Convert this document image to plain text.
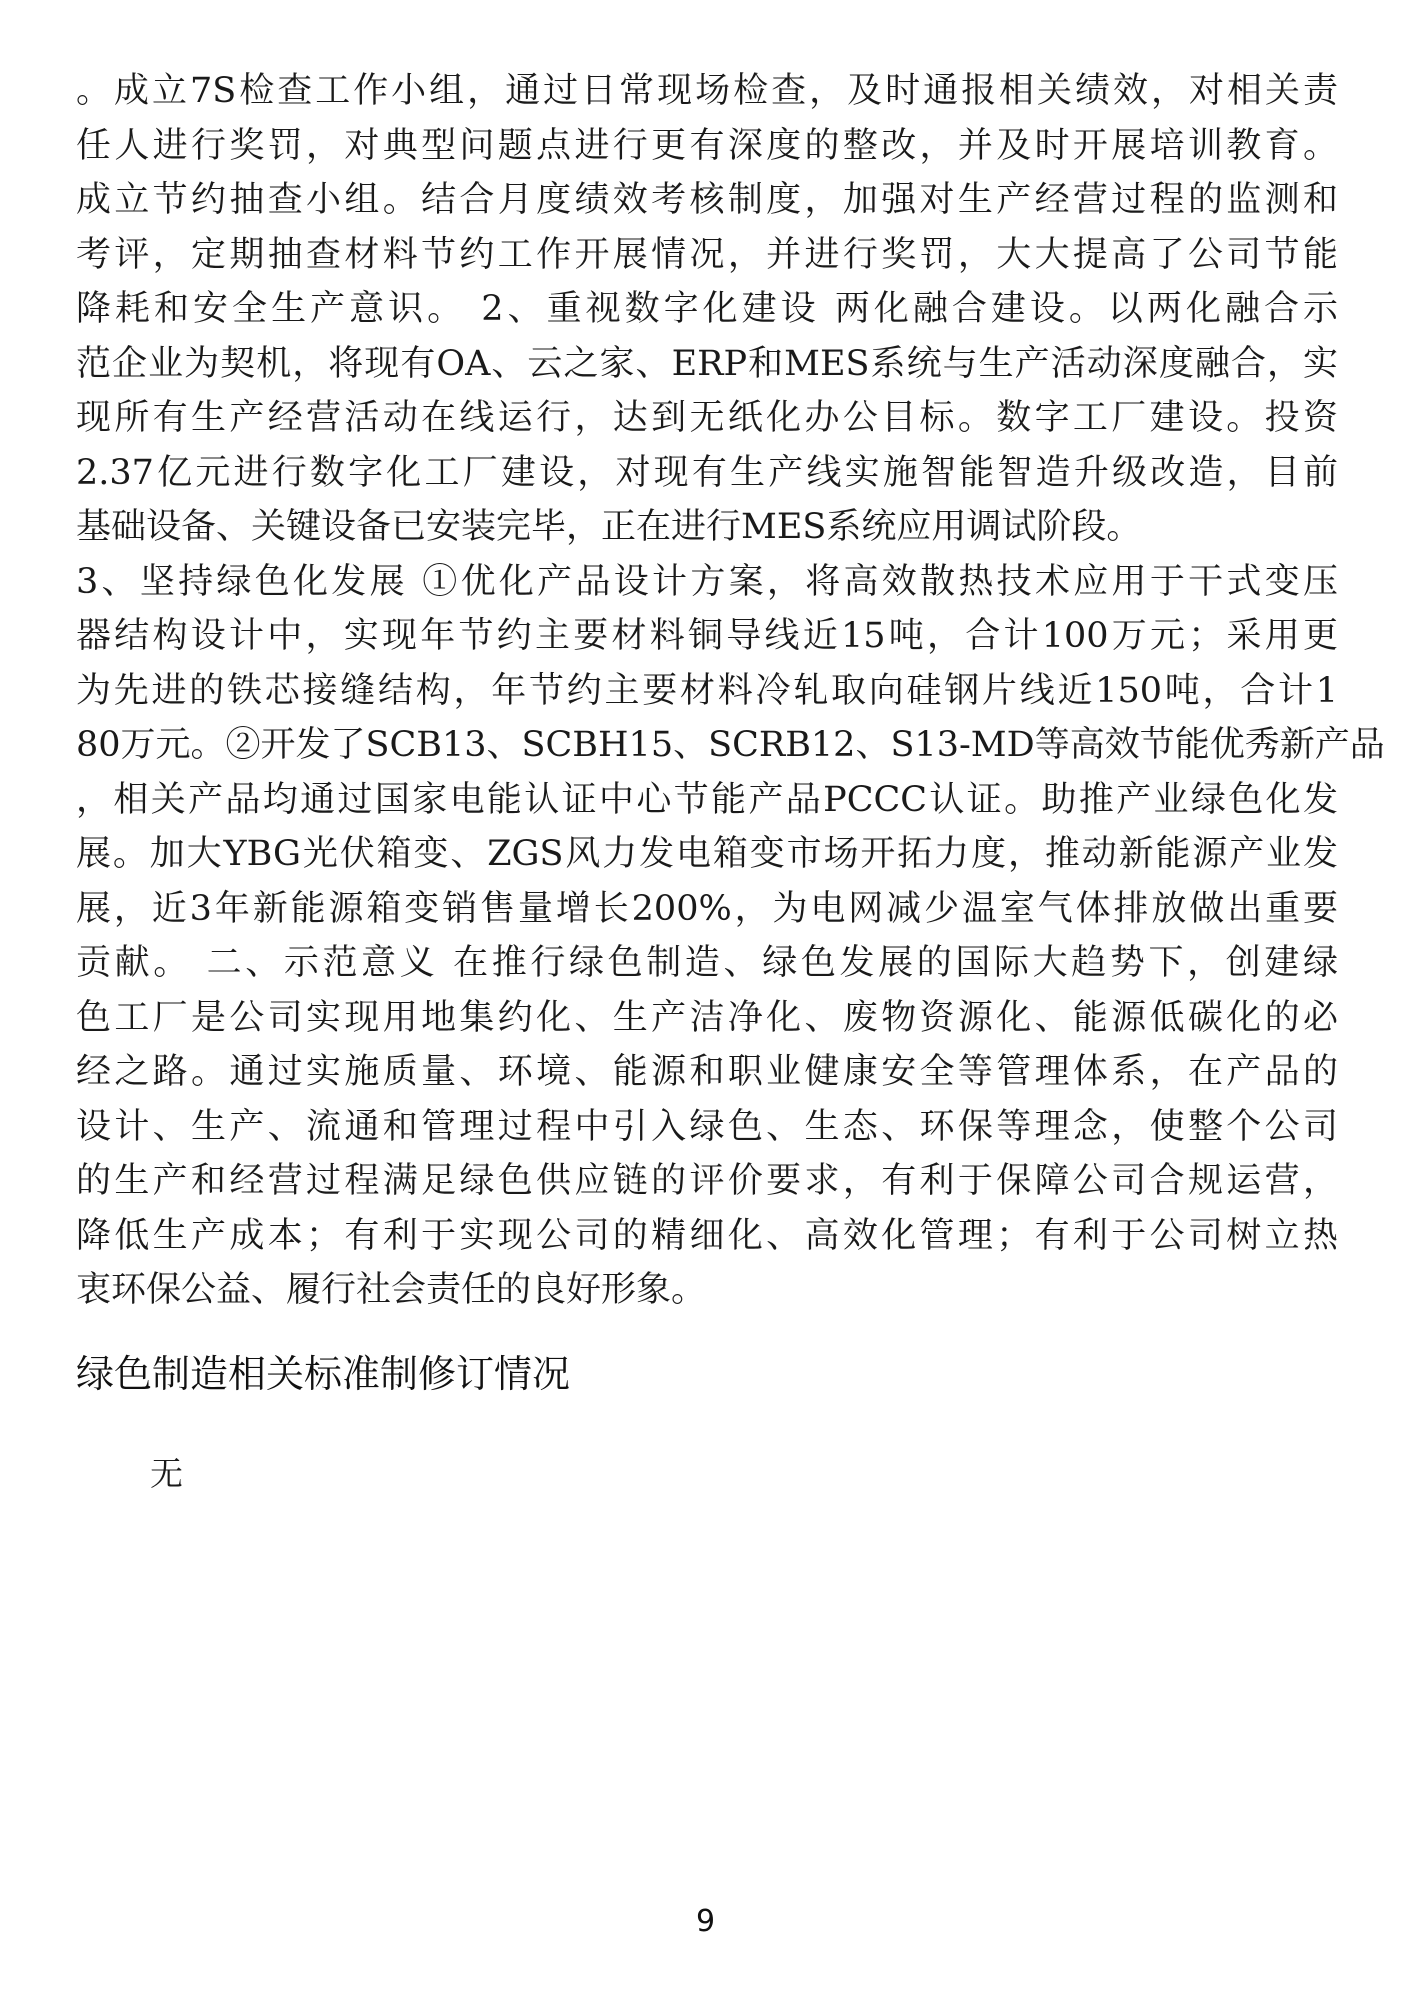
。成立7S检查工作小组，通过日常现场检查，及时通报相关绩效，对相关责
任人进行奖罚，对典型问题点进行更有深度的整改，并及时开展培训教育。
成立节约抽查小组。结合月度绩效考核制度，加强对生产经营过程的监测和
考评，定期抽查材料节约工作开展情况，并进行奖罚，大大提高了公司节能
降耗和安全生产意识。 2、重视数字化建设 两化融合建设。以两化融合示
范企业为契机，将现有OA、云之家、ERP和MES系统与生产活动深度融合，实
现所有生产经营活动在线运行，达到无纸化办公目标。数字工厂建设。投资
2.37亿元进行数字化工厂建设，对现有生产线实施智能智造升级改造，目前
基础设备、关键设备已安装完毕，正在进行MES系统应用调试阶段。
3、坚持绿色化发展 ①优化产品设计方案，将高效散热技术应用于干式变压
器结构设计中，实现年节约主要材料铜导线近15吨，合计100万元；采用更
为先进的铁芯接缝结构，年节约主要材料冷轧取向硅钢片线近150吨，合计1
80万元。②开发了SCB13、SCBH15、SCRB12、S13-MD等高效节能优秀新产品
，相关产品均通过国家电能认证中心节能产品PCCC认证。助推产业绿色化发
展。加大YBG光伏箱变、ZGS风力发电箱变市场开拓力度，推动新能源产业发
展，近3年新能源箱变销售量增长200%，为电网减少温室气体排放做出重要
贡献。 二、示范意义 在推行绿色制造、绿色发展的国际大趋势下，创建绿
色工厂是公司实现用地集约化、生产洁净化、废物资源化、能源低碳化的必
经之路。通过实施质量、环境、能源和职业健康安全等管理体系，在产品的
设计、生产、流通和管理过程中引入绿色、生态、环保等理念，使整个公司
的生产和经营过程满足绿色供应链的评价要求，有利于保障公司合规运营，
降低生产成本；有利于实现公司的精细化、高效化管理；有利于公司树立热
衷环保公益、履行社会责任的良好形象。
绿色制造相关标准制修订情况
无
9
